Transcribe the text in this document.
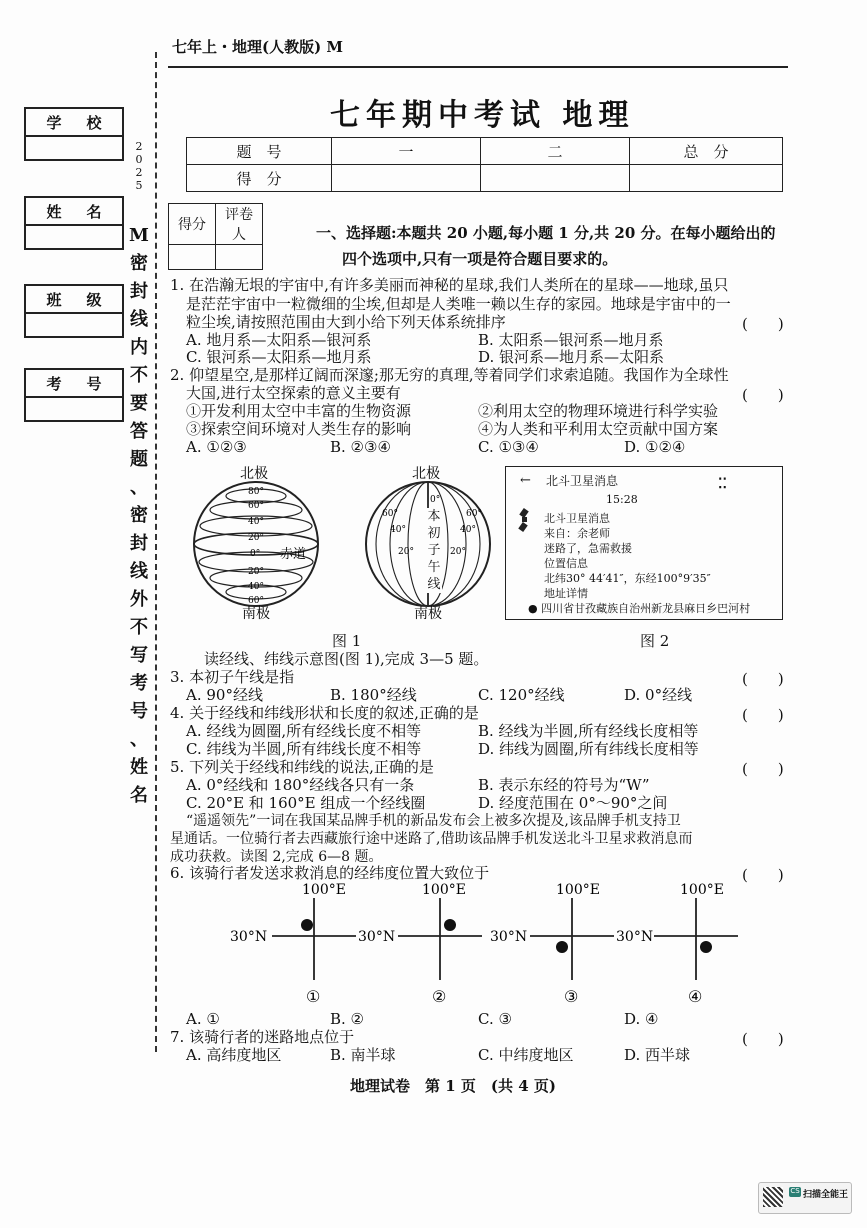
七年上・地理(人教版) M
学 校
姓 名
班 级
考 号
2
0
2
5
M
密
封
线
内
不
要
答
题
、
密
封
线
外
不
写
考
号
、
姓
名
七年期中考试 地理
题　号	一	二	总　分
得　分			
得分	评卷人
		一、选择题:本题共 20 小题,每小题 1 分,共 20 分。在每小题给出的
四个选项中,只有一项是符合题目要求的。
1. 在浩瀚无垠的宇宙中,有许多美丽而神秘的星球,我们人类所在的星球——地球,虽只
是茫茫宇宙中一粒微细的尘埃,但却是人类唯一赖以生存的家园。地球是宇宙中的一
粒尘埃,请按照范围由大到小给下列天体系统排序	(　　)
A. 地月系—太阳系—银河系	B. 太阳系—银河系—地月系
C. 银河系—太阳系—地月系	D. 银河系—地月系—太阳系
2. 仰望星空,是那样辽阔而深邃;那无穷的真理,等着同学们求索追随。我国作为全球性
大国,进行太空探索的意义主要有	(　　)
①开发利用太空中丰富的生物资源	②利用太空的物理环境进行科学实验
③探索空间环境对人类生存的影响	④为人类和平利用太空贡献中国方案
A. ①②③	B. ②③④	C. ①③④	D. ①②④
北极
南极
赤道
80°
60°
40°
20°
0°
20°
40°
60°
北极
南极
60°
40°
20°
0°
20°
40°
60°
本
初
子
午
线
图 1
← 北斗卫星消息	⁚⁚
15:28
北斗卫星消息
来自：余老师
迷路了，急需救援
位置信息
北纬30° 44′41″，东经100°9′35″
地址详情
● 四川省甘孜藏族自治州新龙县麻日乡巴河村
图 2
读经线、纬线示意图(图 1),完成 3—5 题。
3. 本初子午线是指	(　　)
A. 90°经线	B. 180°经线	C. 120°经线	D. 0°经线
4. 关于经线和纬线形状和长度的叙述,正确的是	(　　)
A. 经线为圆圈,所有经线长度不相等	B. 经线为半圆,所有经线长度相等
C. 纬线为半圆,所有纬线长度不相等	D. 纬线为圆圈,所有纬线长度相等
5. 下列关于经线和纬线的说法,正确的是	(　　)
A. 0°经线和 180°经线各只有一条	B. 表示东经的符号为“W”
C. 20°E 和 160°E 组成一个经线圈	D. 经度范围在 0°～90°之间
“遥遥领先”一词在我国某品牌手机的新品发布会上被多次提及,该品牌手机支持卫
星通话。一位骑行者去西藏旅行途中迷路了,借助该品牌手机发送北斗卫星求救消息而
成功获救。读图 2,完成 6—8 题。
6. 该骑行者发送求救消息的经纬度位置大致位于	(　　)
100°E
30°N
①
100°E
30°N
②
100°E
30°N
③
100°E
30°N
④
A. ①	B. ②	C. ③	D. ④
7. 该骑行者的迷路地点位于	(　　)
A. 高纬度地区	B. 南半球	C. 中纬度地区	D. 西半球
地理试卷　第 1 页　(共 4 页)
CS 扫描全能王
